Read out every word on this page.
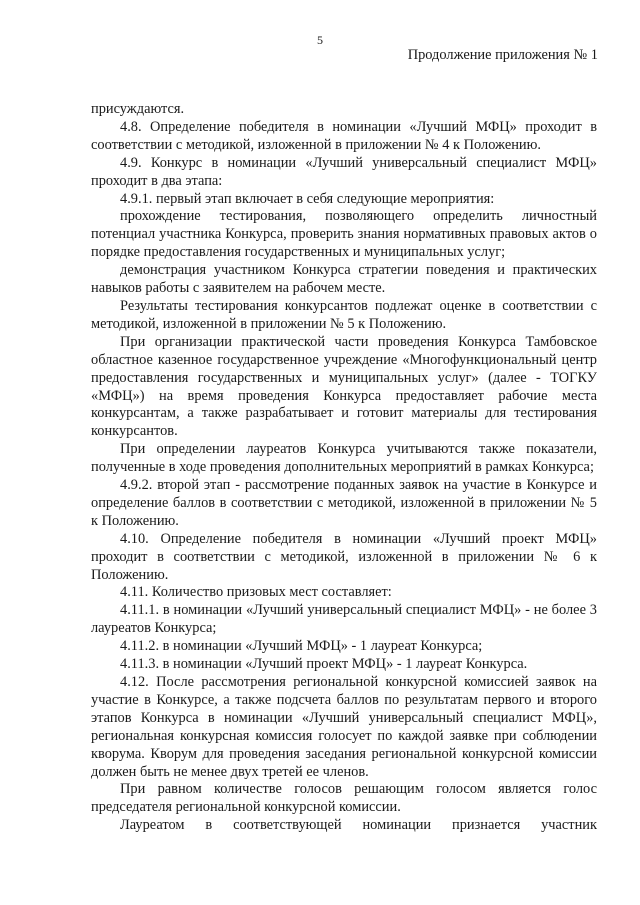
5
Продолжение приложения № 1

присуждаются.

4.8. Определение победителя в номинации «Лучший МФЦ» проходит в соответствии с методикой, изложенной в приложении № 4 к Положению.

4.9. Конкурс в номинации «Лучший универсальный специалист МФЦ» проходит в два этапа:

4.9.1. первый этап включает в себя следующие мероприятия:

прохождение тестирования, позволяющего определить личностный потенциал участника Конкурса, проверить знания нормативных правовых актов о порядке предоставления государственных и муниципальных услуг;

демонстрация участником Конкурса стратегии поведения и практических навыков работы с заявителем на рабочем месте.

Результаты тестирования конкурсантов подлежат оценке в соответствии с методикой, изложенной в приложении № 5 к Положению.

При организации практической части проведения Конкурса Тамбовское областное казенное государственное учреждение «Многофункциональный центр предоставления государственных и муниципальных услуг» (далее - ТОГКУ «МФЦ») на время проведения Конкурса предоставляет рабочие места конкурсантам, а также разрабатывает и готовит материалы для тестирования конкурсантов.

При определении лауреатов Конкурса учитываются также показатели, полученные в ходе проведения дополнительных мероприятий в рамках Конкурса;

4.9.2. второй этап - рассмотрение поданных заявок на участие в Конкурсе и определение баллов в соответствии с методикой, изложенной в приложении № 5 к Положению.

4.10. Определение победителя в номинации «Лучший проект МФЦ» проходит в соответствии с методикой, изложенной в приложении № 6 к Положению.

4.11. Количество призовых мест составляет:

4.11.1. в номинации «Лучший универсальный специалист МФЦ» - не более 3 лауреатов Конкурса;

4.11.2. в номинации «Лучший МФЦ» - 1 лауреат Конкурса;

4.11.3. в номинации «Лучший проект МФЦ» - 1 лауреат Конкурса.

4.12. После рассмотрения региональной конкурсной комиссией заявок на участие в Конкурсе, а также подсчета баллов по результатам первого и второго этапов Конкурса в номинации «Лучший универсальный специалист МФЦ», региональная конкурсная комиссия голосует по каждой заявке при соблюдении кворума. Кворум для проведения заседания региональной конкурсной комиссии должен быть не менее двух третей ее членов.

При равном количестве голосов решающим голосом является голос председателя региональной конкурсной комиссии.

Лауреатом в соответствующей номинации признается участник
